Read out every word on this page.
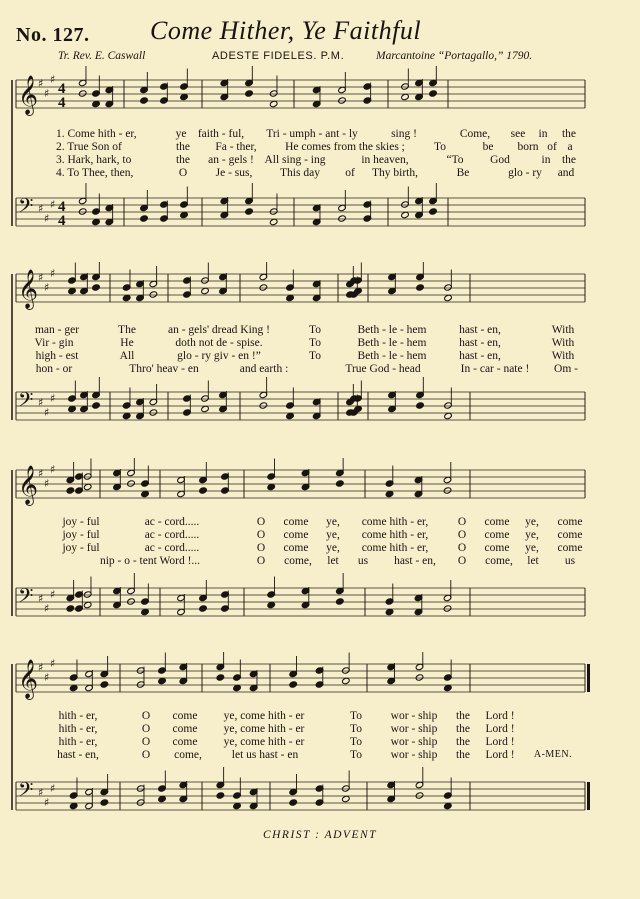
No. 127. Come Hither, Ye Faithful
Tr. Rev. E. Caswall	ADESTE FIDELES. P.M.	Marcantoine “Portagallo,” 1790.
𝄞 ♯
♯
♯
4
4
𝄢 ♯
♯
♯ 4
4
1. Come hith - er,	ye faith - ful, Tri - umph - ant - ly	sing !	Come, see in the
2. True Son of	the Fa - ther, He comes from the skies ;	To	be born of a
3. Hark, hark, to	the an - gels ! All sing - ing	in heaven,	“To God	in the
4. To Thee, then,	O Je - sus, This day of Thy birth,	Be	glo - ry and
𝄞 ♯
♯
♯
𝄢 ♯
♯
♯
man - ger	The	an - gels' dread King !	To	Beth - le - hem	hast - en,	With
Vir - gin	He	doth not de - spise.	To	Beth - le - hem	hast - en,	With
high - est	All	glo - ry giv - en !”	To	Beth - le - hem	hast - en,	With
hon - or	Thro' heav - en	and earth :	True God - head	In - car - nate ! Om -
𝄞 ♯
♯
♯
𝄢 ♯
♯
♯
joy - ful	ac - cord.....	O come ye, come hith - er,	O come ye, come
joy - ful	ac - cord.....	O come ye, come hith - er,	O come ye, come
joy - ful	ac - cord.....	O come ye, come hith - er,	O come ye, come
nip - o - tent Word !...	O come, let us hast - en, O come, let us
𝄞 ♯
♯
♯
𝄢 ♯
♯
♯
hith - er,	O come ye, come hith - er	To wor - ship the Lord !
hith - er,	O come ye, come hith - er	To wor - ship the Lord !
hith - er,	O come ye, come hith - er	To wor - ship the Lord !
hast - en,	O come,	let us hast - en	To wor - ship the Lord ! A-MEN.
CHRIST : ADVENT
